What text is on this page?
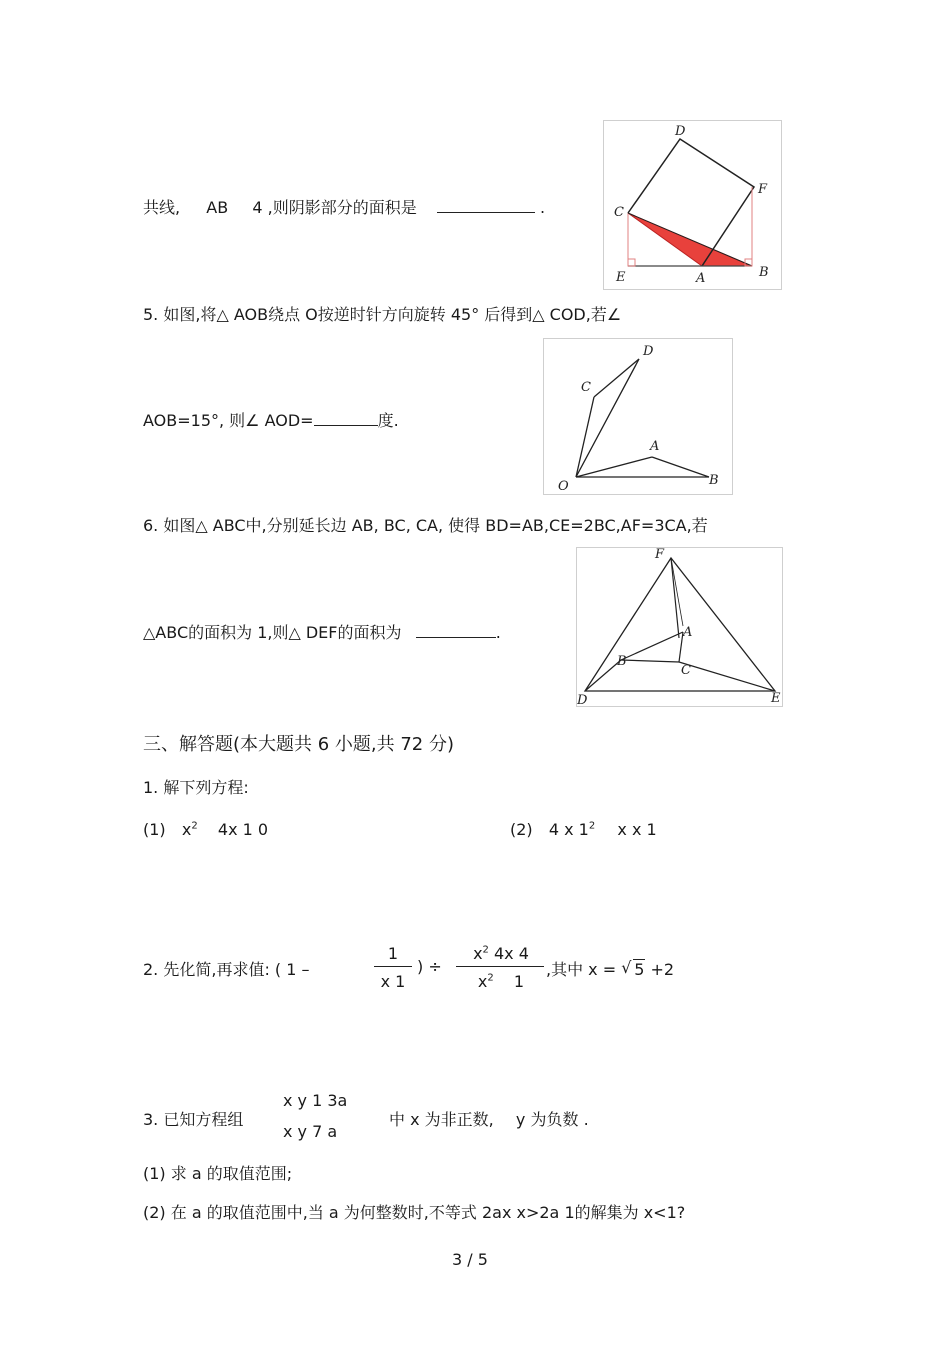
共线, AB 4 ,则阴影部分的面积是	.
D
F
C
E	A	B
5. 如图,将△ AOB绕点 O按逆时针方向旋转 45° 后得到△ COD,若∠
AOB=15°, 则∠ AOD=	度.
D
C
A
O	B
6. 如图△ ABC中,分别延长边 AB, BC, CA, 使得 BD=AB,CE=2BC,AF=3CA,若
△ABC的面积为 1,则△ DEF的面积为	.
F
A
B
C
D	E
三、解答题(本大题共 6 小题,共 72 分)
1. 解下列方程:
(1) $x^2$ 4x 1 0	(2) 4 x $1^2$ x x 1
2. 先化简,再求值: ( 1 –
1
x 1
) ÷
$x^2$ 4x 4
$x^2$ 1
,其中 x = √ 5 +2
3. 已知方程组
x y 1 3a
x y 7 a
中 x 为非正数, y 为负数 .
(1) 求 a 的取值范围;
(2) 在 a 的取值范围中,当 a 为何整数时,不等式 2ax x>2a 1的解集为 x<1?
3 / 5
